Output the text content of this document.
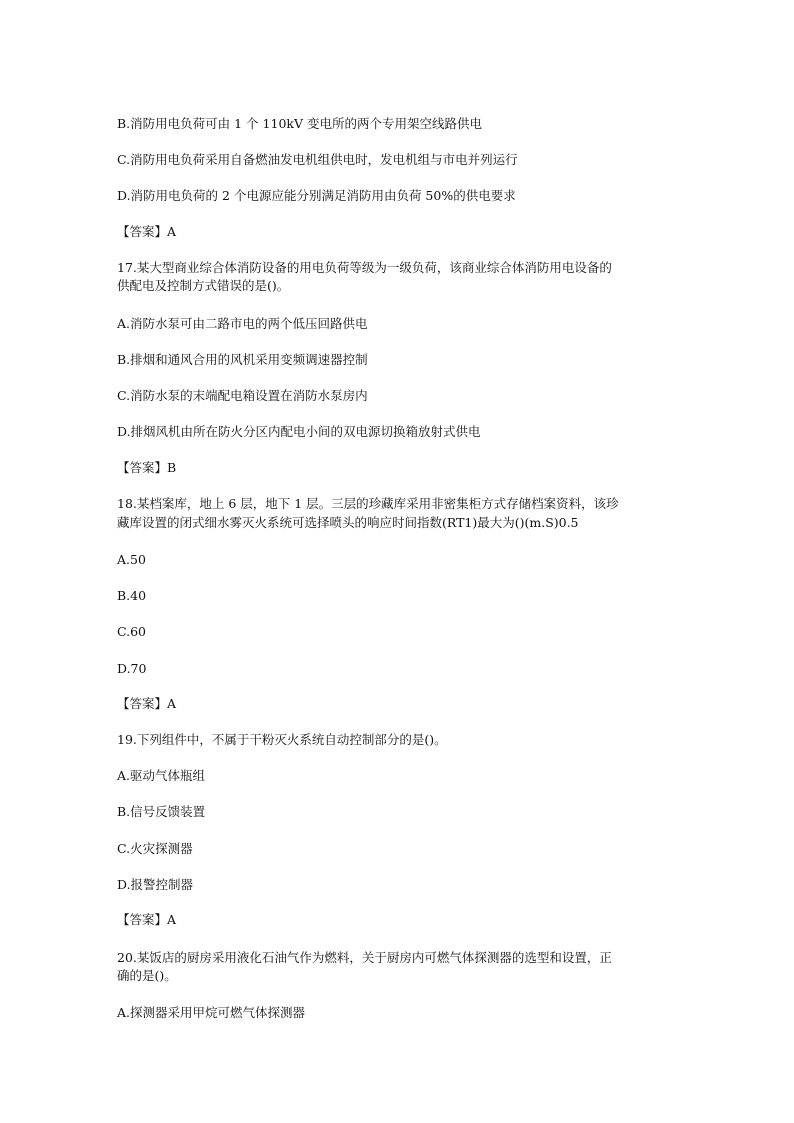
B.消防用电负荷可由 1 个 110kV 变电所的两个专用架空线路供电
C.消防用电负荷采用自备燃油发电机组供电时，发电机组与市电并列运行
D.消防用电负荷的 2 个电源应能分别满足消防用由负荷 50%的供电要求
【答案】A
17.某大型商业综合体消防设备的用电负荷等级为一级负荷，该商业综合体消防用电设备的
供配电及控制方式错误的是()。
A.消防水泵可由二路市电的两个低压回路供电
B.排烟和通风合用的风机采用变频调速器控制
C.消防水泵的末端配电箱设置在消防水泵房内
D.排烟风机由所在防火分区内配电小间的双电源切换箱放射式供电
【答案】B
18.某档案库，地上 6 层，地下 1 层。三层的珍藏库采用非密集柜方式存储档案资料，该珍
藏库设置的闭式细水雾灭火系统可选择喷头的响应时间指数(RT1)最大为()(m.S)0.5
A.50
B.40
C.60
D.70
【答案】A
19.下列组件中，不属于干粉灭火系统自动控制部分的是()。
A.驱动气体瓶组
B.信号反馈装置
C.火灾探测器
D.报警控制器
【答案】A
20.某饭店的厨房采用液化石油气作为燃料，关于厨房内可燃气体探测器的选型和设置，正
确的是()。
A.探测器采用甲烷可燃气体探测器
